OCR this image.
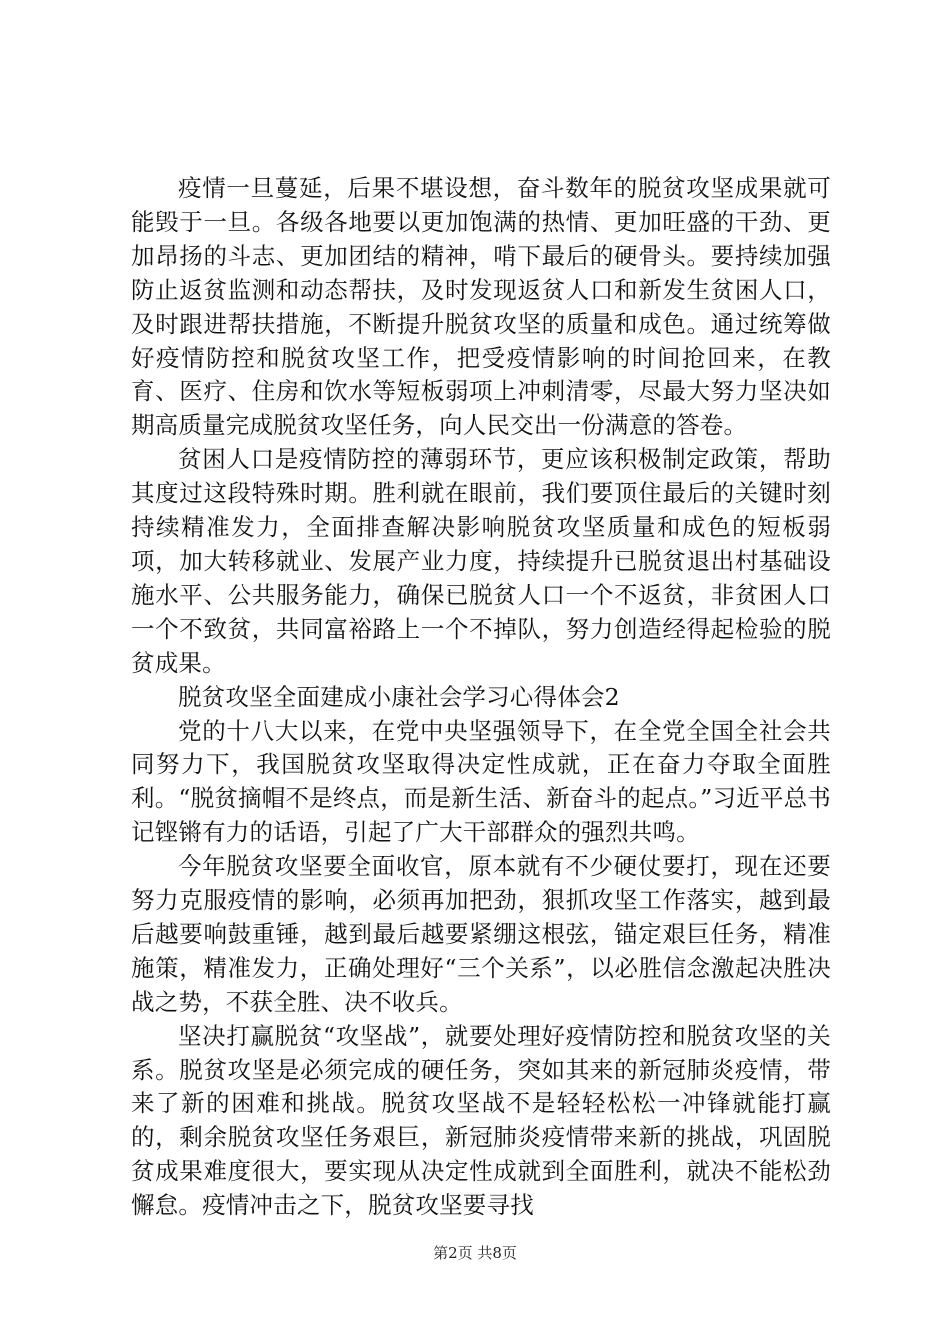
疫情一旦蔓延，后果不堪设想，奋斗数年的脱贫攻坚成果就可能毁于一旦。各级各地要以更加饱满的热情、更加旺盛的干劲、更加昂扬的斗志、更加团结的精神，啃下最后的硬骨头。要持续加强防止返贫监测和动态帮扶，及时发现返贫人口和新发生贫困人口，及时跟进帮扶措施，不断提升脱贫攻坚的质量和成色。通过统筹做好疫情防控和脱贫攻坚工作，把受疫情影响的时间抢回来，在教育、医疗、住房和饮水等短板弱项上冲刺清零，尽最大努力坚决如期高质量完成脱贫攻坚任务，向人民交出一份满意的答卷。

贫困人口是疫情防控的薄弱环节，更应该积极制定政策，帮助其度过这段特殊时期。胜利就在眼前，我们要顶住最后的关键时刻持续精准发力，全面排查解决影响脱贫攻坚质量和成色的短板弱项，加大转移就业、发展产业力度，持续提升已脱贫退出村基础设施水平、公共服务能力，确保已脱贫人口一个不返贫，非贫困人口一个不致贫，共同富裕路上一个不掉队，努力创造经得起检验的脱贫成果。

脱贫攻坚全面建成小康社会学习心得体会2

党的十八大以来，在党中央坚强领导下，在全党全国全社会共同努力下，我国脱贫攻坚取得决定性成就，正在奋力夺取全面胜利。“脱贫摘帽不是终点，而是新生活、新奋斗的起点。”习近平总书记铿锵有力的话语，引起了广大干部群众的强烈共鸣。

今年脱贫攻坚要全面收官，原本就有不少硬仗要打，现在还要努力克服疫情的影响，必须再加把劲，狠抓攻坚工作落实，越到最后越要响鼓重锤，越到最后越要紧绷这根弦，锚定艰巨任务，精准施策，精准发力，正确处理好“三个关系”，以必胜信念激起决胜决战之势，不获全胜、决不收兵。

坚决打赢脱贫“攻坚战”，就要处理好疫情防控和脱贫攻坚的关系。脱贫攻坚是必须完成的硬任务，突如其来的新冠肺炎疫情，带来了新的困难和挑战。脱贫攻坚战不是轻轻松松一冲锋就能打赢的，剩余脱贫攻坚任务艰巨，新冠肺炎疫情带来新的挑战，巩固脱贫成果难度很大，要实现从决定性成就到全面胜利，就决不能松劲懈怠。疫情冲击之下，脱贫攻坚要寻找

第2页 共8页
